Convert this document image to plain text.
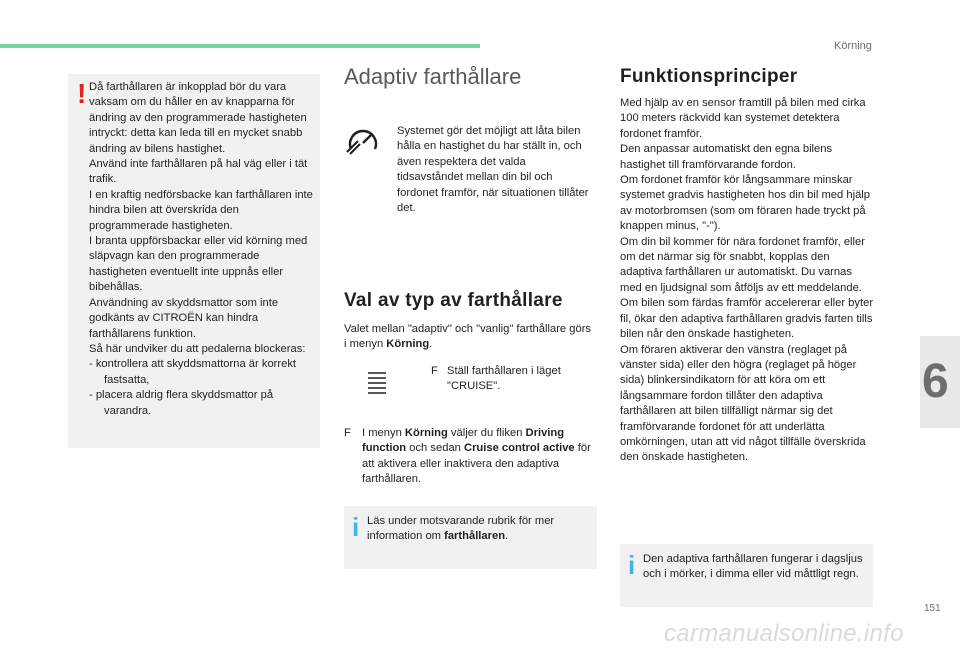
Körning
6
151
carmanualsonline.info
! Då farthållaren är inkopplad bör du vara vaksam om du håller en av knapparna för ändring av den programmerade hastigheten intryckt: detta kan leda till en mycket snabb ändring av bilens hastighet.
Använd inte farthållaren på hal väg eller i tät trafik.
I en kraftig nedförsbacke kan farthållaren inte hindra bilen att överskrida den programmerade hastigheten.
I branta uppförsbackar eller vid körning med släpvagn kan den programmerade hastigheten eventuellt inte uppnås eller bibehållas.
Användning av skyddsmattor som inte godkänts av CITROËN kan hindra farthållarens funktion.
Så här undviker du att pedalerna blockeras:
- kontrollera att skyddsmattorna är korrekt fastsatta,
- placera aldrig flera skyddsmattor på varandra.
Adaptiv farthållare
Systemet gör det möjligt att låta bilen hålla en hastighet du har ställt in, och även respektera det valda tidsavståndet mellan din bil och fordonet framför, när situationen tillåter det.
Val av typ av farthållare
Valet mellan "adaptiv" och "vanlig" farthållare görs i menyn Körning.
F Ställ farthållaren i läget "CRUISE".
F I menyn Körning väljer du fliken Driving function och sedan Cruise control active för att aktivera eller inaktivera den adaptiva farthållaren.
i Läs under motsvarande rubrik för mer information om farthållaren.
Funktionsprinciper
Med hjälp av en sensor framtill på bilen med cirka 100 meters räckvidd kan systemet detektera fordonet framför.
Den anpassar automatiskt den egna bilens hastighet till framförvarande fordon.
Om fordonet framför kör långsammare minskar systemet gradvis hastigheten hos din bil med hjälp av motorbromsen (som om föraren hade tryckt på knappen minus, "-").
Om din bil kommer för nära fordonet framför, eller om det närmar sig för snabbt, kopplas den adaptiva farthållaren ur automatiskt. Du varnas med en ljudsignal som åtföljs av ett meddelande.
Om bilen som färdas framför accelererar eller byter fil, ökar den adaptiva farthållaren gradvis farten tills bilen når den önskade hastigheten.
Om föraren aktiverar den vänstra (reglaget på vänster sida) eller den högra (reglaget på höger sida) blinkersindikatorn för att köra om ett långsammare fordon tillåter den adaptiva farthållaren att bilen tillfälligt närmar sig det framförvarande fordonet för att underlätta omkörningen, utan att vid något tillfälle överskrida den önskade hastigheten.
i Den adaptiva farthållaren fungerar i dagsljus och i mörker, i dimma eller vid måttligt regn.
